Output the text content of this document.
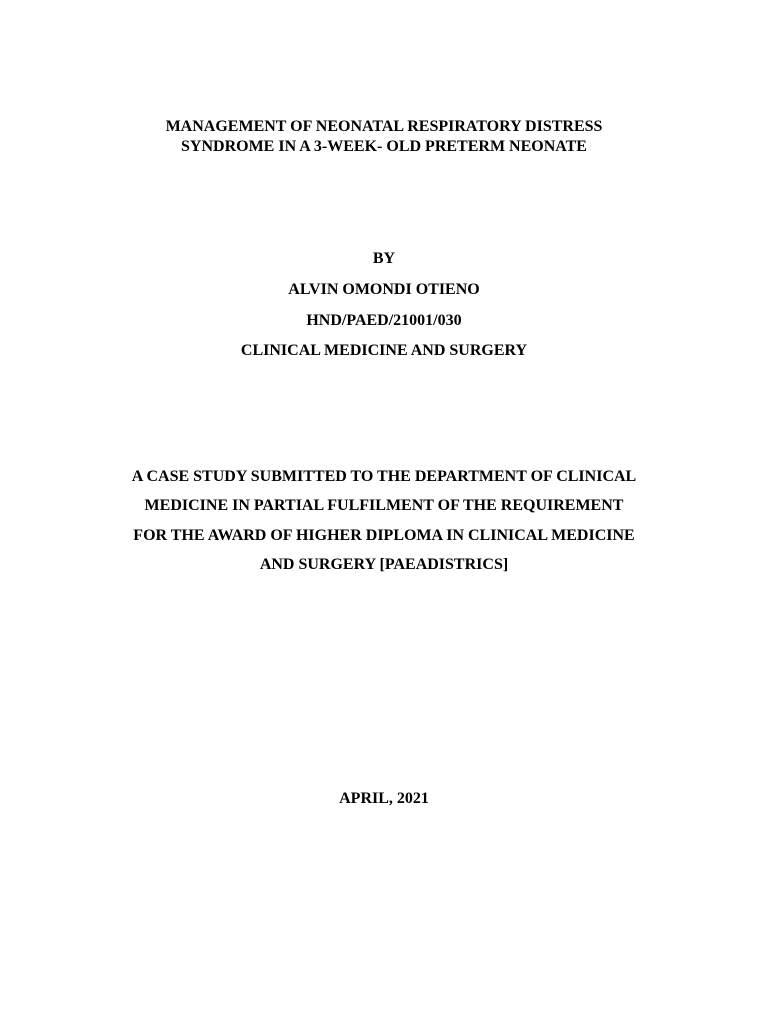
MANAGEMENT OF NEONATAL RESPIRATORY DISTRESS
SYNDROME IN A 3-WEEK- OLD PRETERM NEONATE
BY
ALVIN OMONDI OTIENO
HND/PAED/21001/030
CLINICAL MEDICINE AND SURGERY
A CASE STUDY SUBMITTED TO THE DEPARTMENT OF CLINICAL
MEDICINE IN PARTIAL FULFILMENT OF THE REQUIREMENT
FOR THE AWARD OF HIGHER DIPLOMA IN CLINICAL MEDICINE
AND SURGERY [PAEADISTRICS]
APRIL, 2021
